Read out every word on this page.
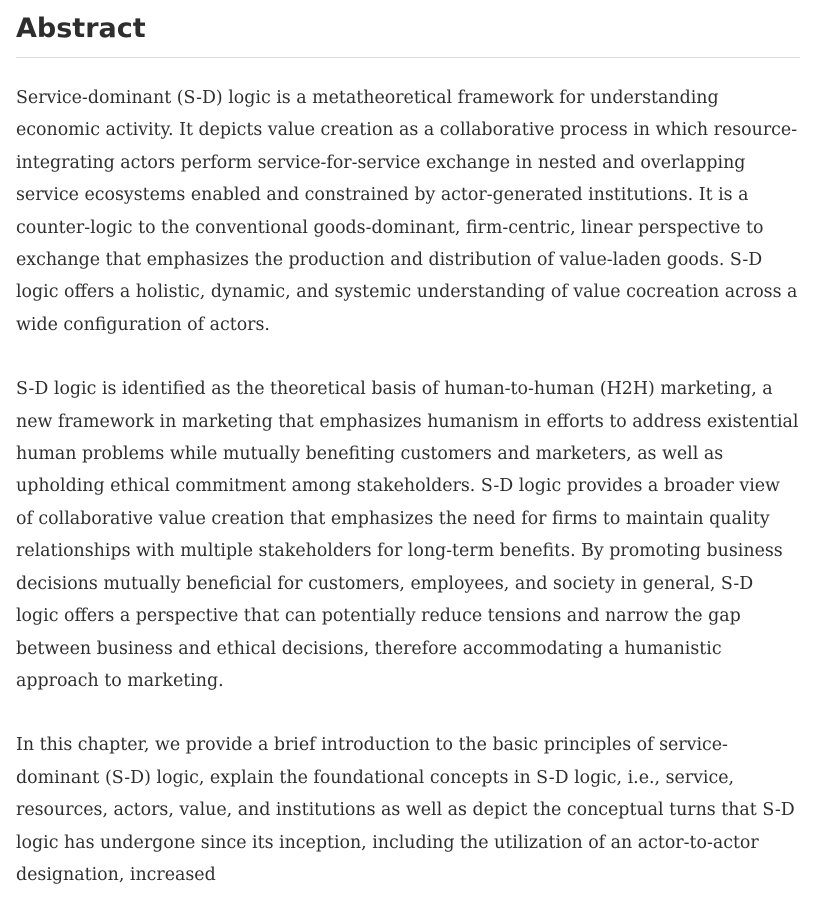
Abstract

Service-dominant (S-D) logic is a metatheoretical framework for understanding economic activity. It depicts value creation as a collaborative process in which resource-integrating actors perform service-for-service exchange in nested and overlapping service ecosystems enabled and constrained by actor-generated institutions. It is a counter-logic to the conventional goods-dominant, firm-centric, linear perspective to exchange that emphasizes the production and distribution of value-laden goods. S-D logic offers a holistic, dynamic, and systemic understanding of value cocreation across a wide configuration of actors.

S-D logic is identified as the theoretical basis of human-to-human (H2H) marketing, a new framework in marketing that emphasizes humanism in efforts to address existential human problems while mutually benefiting customers and marketers, as well as upholding ethical commitment among stakeholders. S-D logic provides a broader view of collaborative value creation that emphasizes the need for firms to maintain quality relationships with multiple stakeholders for long-term benefits. By promoting business decisions mutually beneficial for customers, employees, and society in general, S-D logic offers a perspective that can potentially reduce tensions and narrow the gap between business and ethical decisions, therefore accommodating a humanistic approach to marketing.

In this chapter, we provide a brief introduction to the basic principles of service-dominant (S-D) logic, explain the foundational concepts in S-D logic, i.e., service, resources, actors, value, and institutions as well as depict the conceptual turns that S-D logic has undergone since its inception, including the utilization of an actor-to-actor designation, increased
